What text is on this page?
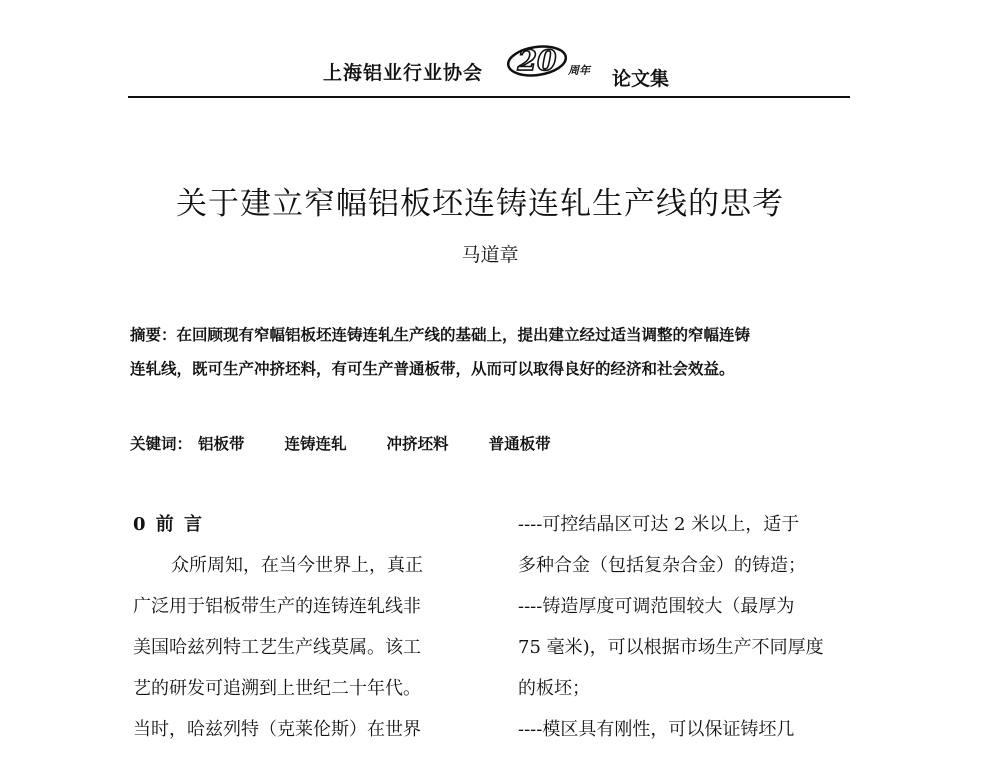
上海铝业行业协会 20 周年 论文集
关于建立窄幅铝板坯连铸连轧生产线的思考
马道章
摘要：在回顾现有窄幅铝板坯连铸连轧生产线的基础上，提出建立经过适当调整的窄幅连铸
连轧线，既可生产冲挤坯料，有可生产普通板带，从而可以取得良好的经济和社会效益。
关键词： 铝板带	连铸连轧	冲挤坯料	普通板带
0 前 言
众所周知，在当今世界上，真正
广泛用于铝板带生产的连铸连轧线非
美国哈兹列特工艺生产线莫属。该工
艺的研发可追溯到上世纪二十年代。
当时，哈兹列特（克莱伦斯）在世界
----可控结晶区可达 2 米以上，适于
多种合金（包括复杂合金）的铸造；
----铸造厚度可调范围较大（最厚为
75 毫米)，可以根据市场生产不同厚度
的板坯；
----模区具有刚性，可以保证铸坯几
